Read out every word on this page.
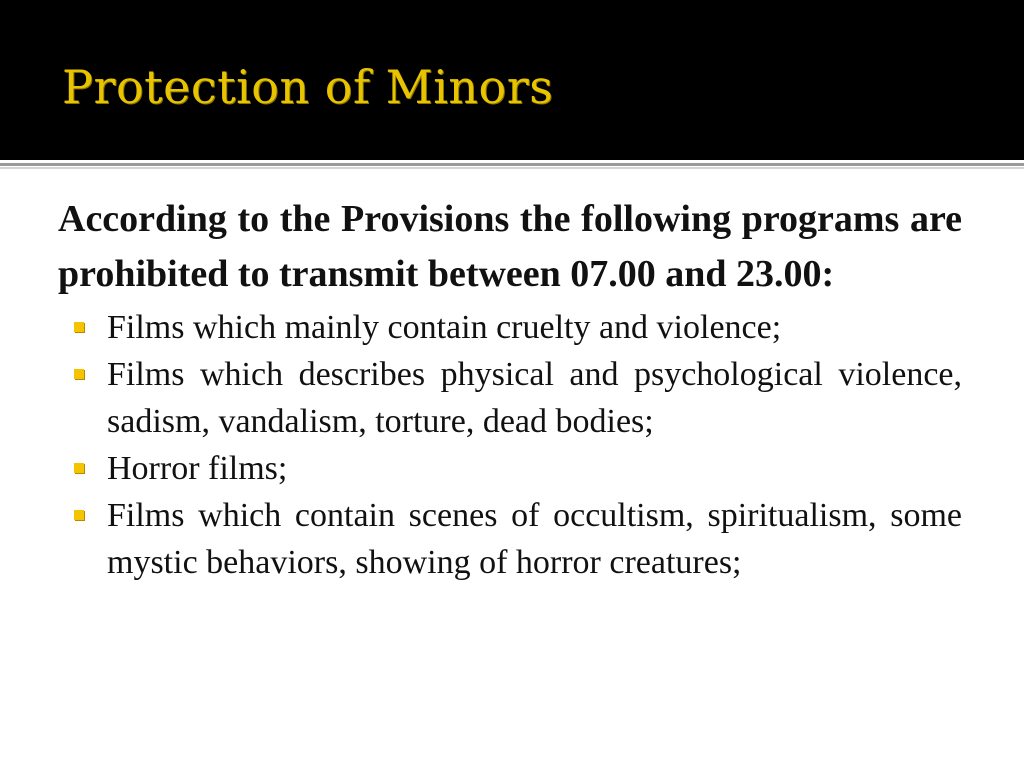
Protection of Minors

According to the Provisions the following programs are prohibited to transmit between 07.00 and 23.00:

Films which mainly contain cruelty and violence;
Films which describes physical and psychological violence, sadism, vandalism, torture, dead bodies;
Horror films;
Films which contain scenes of occultism, spiritualism, some mystic behaviors, showing of horror creatures;
